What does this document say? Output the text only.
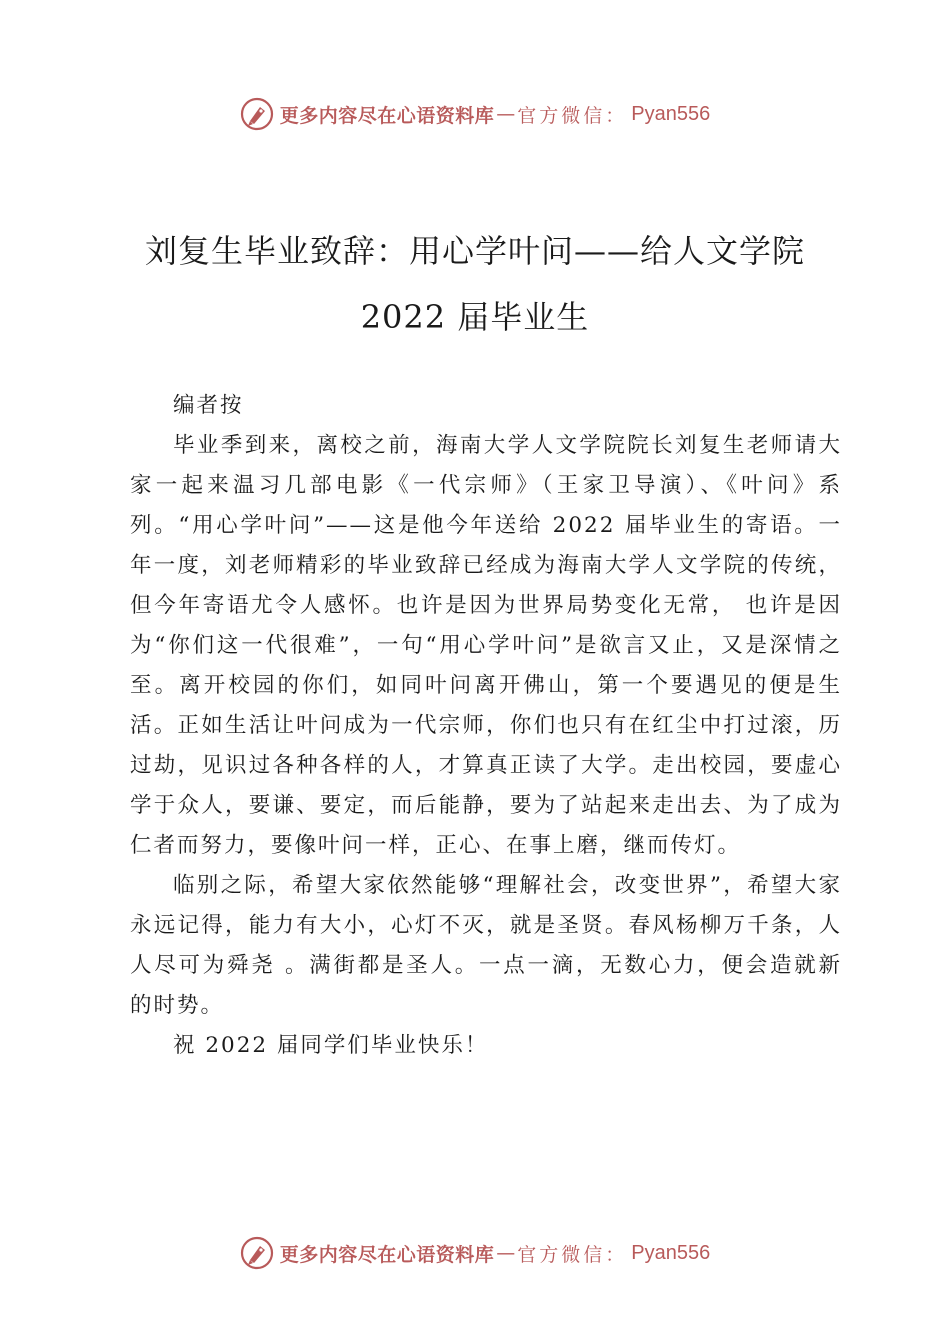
更多内容尽在心语资料库 — 官方微信： Pyan556
刘复生毕业致辞：用心学叶问——给人文学院
2022 届毕业生

编者按

毕业季到来，离校之前，海南大学人文学院院长刘复生老师请大家一起来温习几部电影《一代宗师》（王家卫导演）、《叶问》系列。“用心学叶问”——这是他今年送给 2022 届毕业生的寄语。一年一度，刘老师精彩的毕业致辞已经成为海南大学人文学院的传统，但今年寄语尤令人感怀。也许是因为世界局势变化无常， 也许是因为“你们这一代很难”，一句“用心学叶问”是欲言又止，又是深情之至。离开校园的你们，如同叶问离开佛山，第一个要遇见的便是生活。正如生活让叶问成为一代宗师，你们也只有在红尘中打过滚，历过劫，见识过各种各样的人，才算真正读了大学。走出校园，要虚心学于众人，要谦、要定，而后能静，要为了站起来走出去、为了成为仁者而努力，要像叶问一样，正心、在事上磨，继而传灯。

临别之际，希望大家依然能够“理解社会，改变世界”，希望大家永远记得，能力有大小，心灯不灭，就是圣贤。春风杨柳万千条，人人尽可为舜尧 。满街都是圣人。一点一滴，无数心力，便会造就新的时势。

祝 2022 届同学们毕业快乐！

更多内容尽在心语资料库 — 官方微信： Pyan556
